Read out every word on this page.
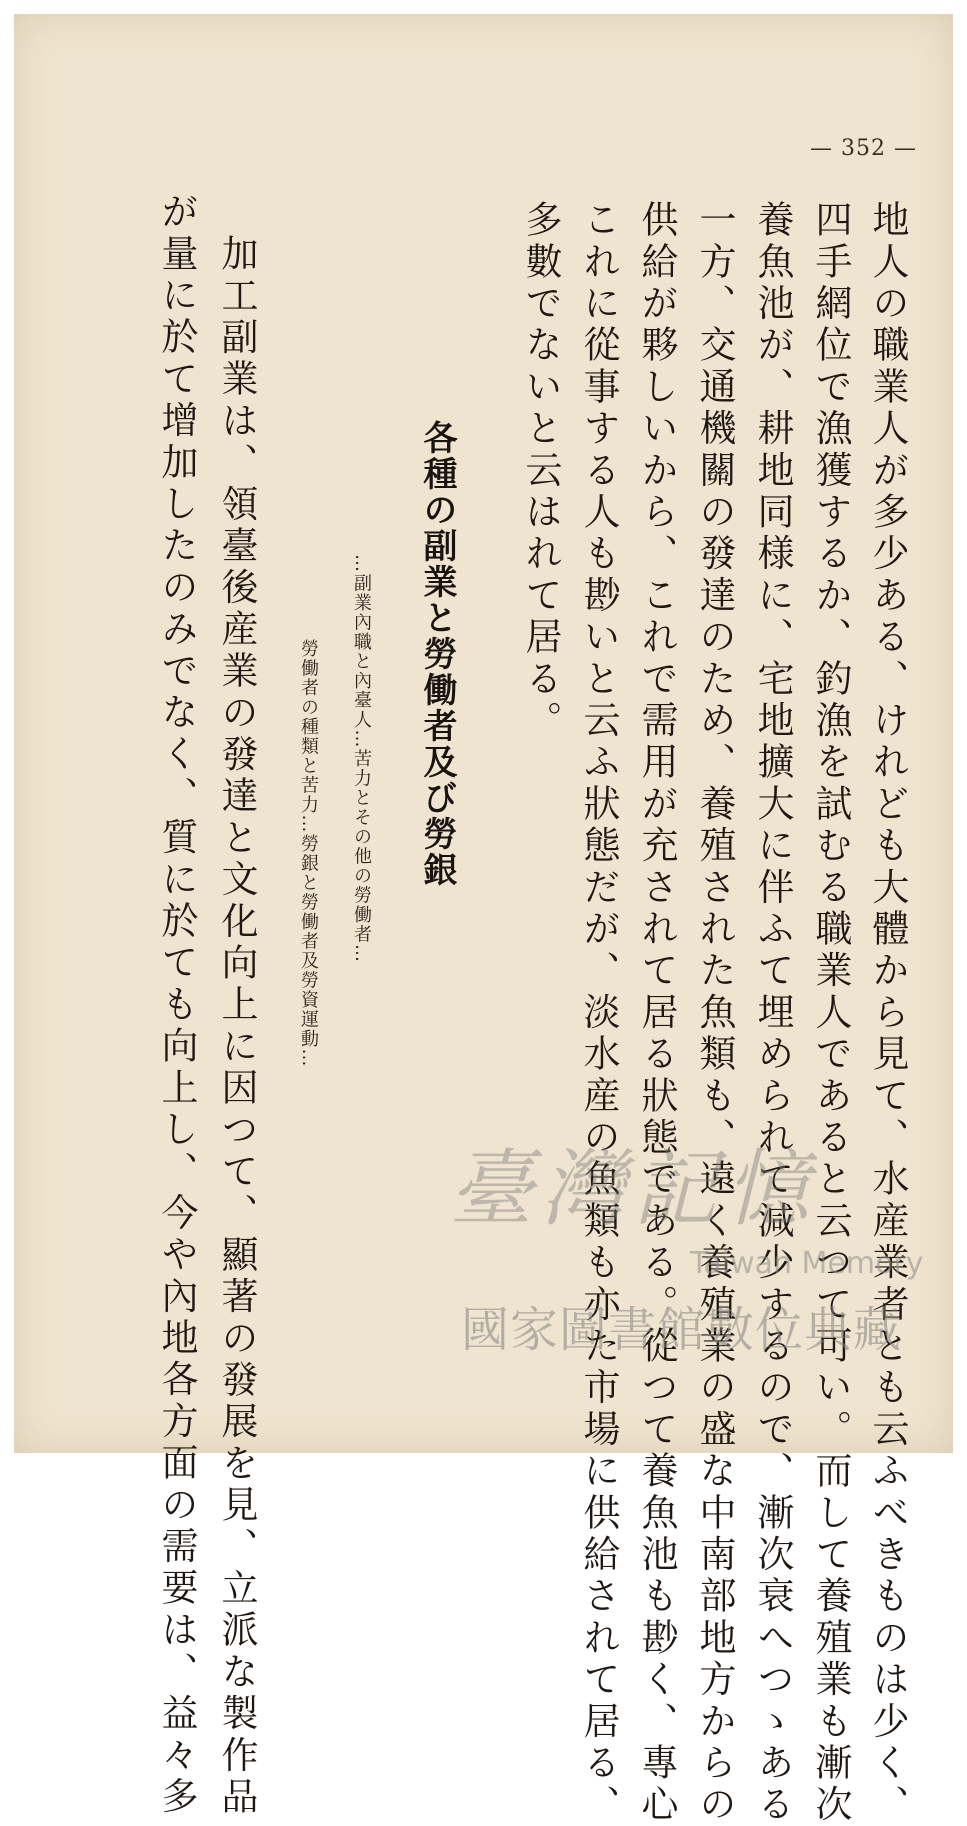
— 352 —
地人の職業人が多少ある、けれども大體から見て、水産業者とも云ふべきものは少く、
四手網位で漁獲するか、釣漁を試むる職業人であると云つて可い。而して養殖業も漸次
養魚池が、耕地同様に、宅地擴大に伴ふて埋められて減少するので、漸次衰へつゝある
一方、交通機關の發達のため、養殖された魚類も、遠く養殖業の盛な中南部地方からの
供給が夥しいから、これで需用が充されて居る狀態である。從つて養魚池も尠く、專心
これに從事する人も尠いと云ふ狀態だが、淡水産の魚類も亦た市場に供給されて居る、
多數でないと云はれて居る。
各種の副業と勞働者及び勞銀
…副業內職と內臺人…苦力とその他の勞働者…
勞働者の種類と苦力…勞銀と勞働者及勞資運動…
加工副業は、領臺後産業の發達と文化向上に因つて、顯著の發展を見、立派な製作品
が量に於て增加したのみでなく、質に於ても向上し、今や內地各方面の需要は、益々多	臺灣記憶
Taiwan Memory
國家圖書館數位典藏
